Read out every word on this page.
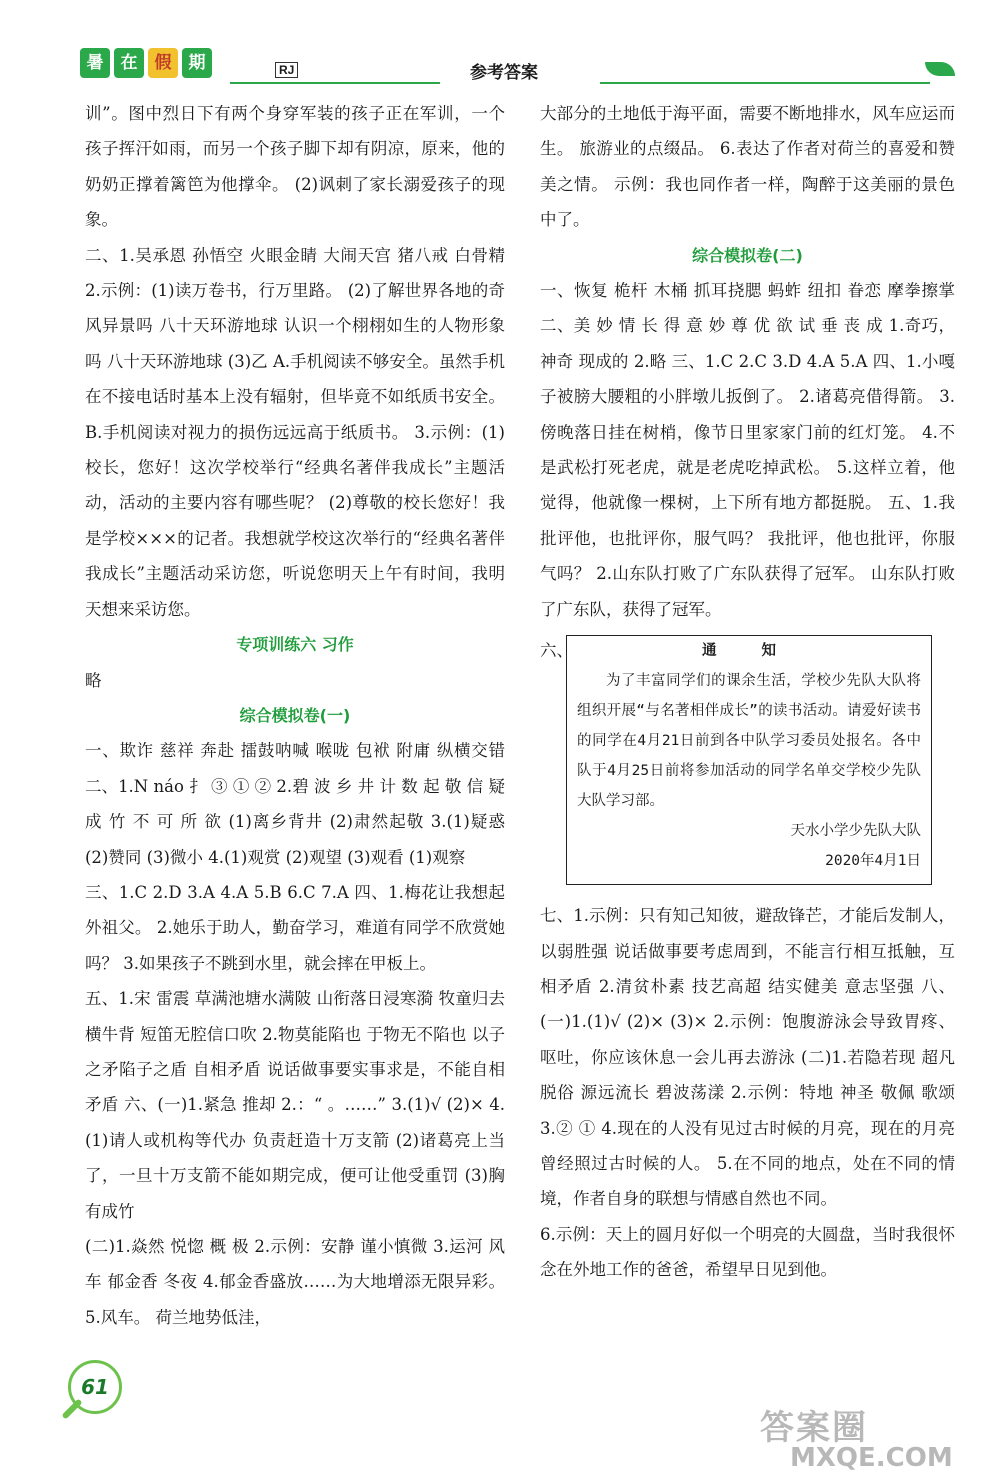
暑	在	假	期	RJ	参考答案

训”。图中烈日下有两个身穿军装的孩子正在军训，一个孩子挥汗如雨，而另一个孩子脚下却有阴凉，原来，他的奶奶正撑着篱笆为他撑伞。 (2)讽刺了家长溺爱孩子的现象。

二、1.吴承恩 孙悟空 火眼金睛 大闹天宫 猪八戒 白骨精 2.示例：(1)读万卷书，行万里路。 (2)了解世界各地的奇风异景吗 八十天环游地球 认识一个栩栩如生的人物形象吗 八十天环游地球 (3)乙 A.手机阅读不够安全。虽然手机在不接电话时基本上没有辐射，但毕竟不如纸质书安全。B.手机阅读对视力的损伤远远高于纸质书。 3.示例：(1)校长，您好！这次学校举行“经典名著伴我成长”主题活动，活动的主要内容有哪些呢？ (2)尊敬的校长您好！我是学校×××的记者。我想就学校这次举行的“经典名著伴我成长”主题活动采访您，听说您明天上午有时间，我明天想来采访您。

专项训练六 习作

略

综合模拟卷(一)

一、欺诈 慈祥 奔赴 擂鼓呐喊 喉咙 包袱 附庸 纵横交错 二、1.N náo 扌 ③ ① ② 2.碧 波 乡 井 计 数 起 敬 信 疑 成 竹 不 可 所 欲 (1)离乡背井 (2)肃然起敬 3.(1)疑惑 (2)赞同 (3)微小 4.(1)观赏 (2)观望 (3)观看 (1)观察

三、1.C 2.D 3.A 4.A 5.B 6.C 7.A 四、1.梅花让我想起外祖父。 2.她乐于助人，勤奋学习，难道有同学不欣赏她吗？ 3.如果孩子不跳到水里，就会摔在甲板上。

五、1.宋 雷震 草满池塘水满陂 山衔落日浸寒漪 牧童归去横牛背 短笛无腔信口吹 2.物莫能陷也 于物无不陷也 以子之矛陷子之盾 自相矛盾 说话做事要实事求是，不能自相矛盾 六、(一)1.紧急 推却 2.：“ 。……” 3.(1)√ (2)× 4.(1)请人或机构等代办 负责赶造十万支箭 (2)诸葛亮上当了，一旦十万支箭不能如期完成，便可让他受重罚 (3)胸有成竹

(二)1.焱然 悦惚 概 极 2.示例：安静 谨小慎微 3.运河 风车 郁金香 冬夜 4.郁金香盛放……为大地增添无限异彩。 5.风车。 荷兰地势低洼，

大部分的土地低于海平面，需要不断地排水，风车应运而生。 旅游业的点缀品。 6.表达了作者对荷兰的喜爱和赞美之情。 示例：我也同作者一样，陶醉于这美丽的景色中了。

综合模拟卷(二)

一、恢复 桅杆 木桶 抓耳挠腮 蚂蚱 纽扣 眷恋 摩拳擦掌 二、美 妙 情 长 得 意 妙 尊 优 欲 试 垂 丧 成 1.奇巧，神奇 现成的 2.略 三、1.C 2.C 3.D 4.A 5.A 四、1.小嘎子被膀大腰粗的小胖墩儿扳倒了。 2.诸葛亮借得箭。 3.傍晚落日挂在树梢，像节日里家家门前的红灯笼。 4.不是武松打死老虎，就是老虎吃掉武松。 5.这样立着，他觉得，他就像一棵树，上下所有地方都挺脱。 五、1.我批评他，也批评你，服气吗？ 我批评，他也批评，你服气吗？ 2.山东队打败了广东队获得了冠军。 山东队打败了广东队，获得了冠军。

六、	通 知
为了丰富同学们的课余生活，学校少先队大队将组织开展“与名著相伴成长”的读书活动。请爱好读书的同学在4月21日前到各中队学习委员处报名。各中队于4月25日前将参加活动的同学名单交学校少先队大队学习部。
天水小学少先队大队
2020年4月1日

七、1.示例：只有知己知彼，避敌锋芒，才能后发制人，以弱胜强 说话做事要考虑周到，不能言行相互抵触，互相矛盾 2.清贫朴素 技艺高超 结实健美 意志坚强 八、(一)1.(1)√ (2)× (3)× 2.示例：饱腹游泳会导致胃疼、呕吐，你应该休息一会儿再去游泳 (二)1.若隐若现 超凡脱俗 源远流长 碧波荡漾 2.示例：特地 神圣 敬佩 歌颂 3.② ① 4.现在的人没有见过古时候的月亮，现在的月亮曾经照过古时候的人。 5.在不同的地点，处在不同的情境，作者自身的联想与情感自然也不同。

6.示例：天上的圆月好似一个明亮的大圆盘，当时我很怀念在外地工作的爸爸，希望早日见到他。

61
答案圈
MXQE.COM
